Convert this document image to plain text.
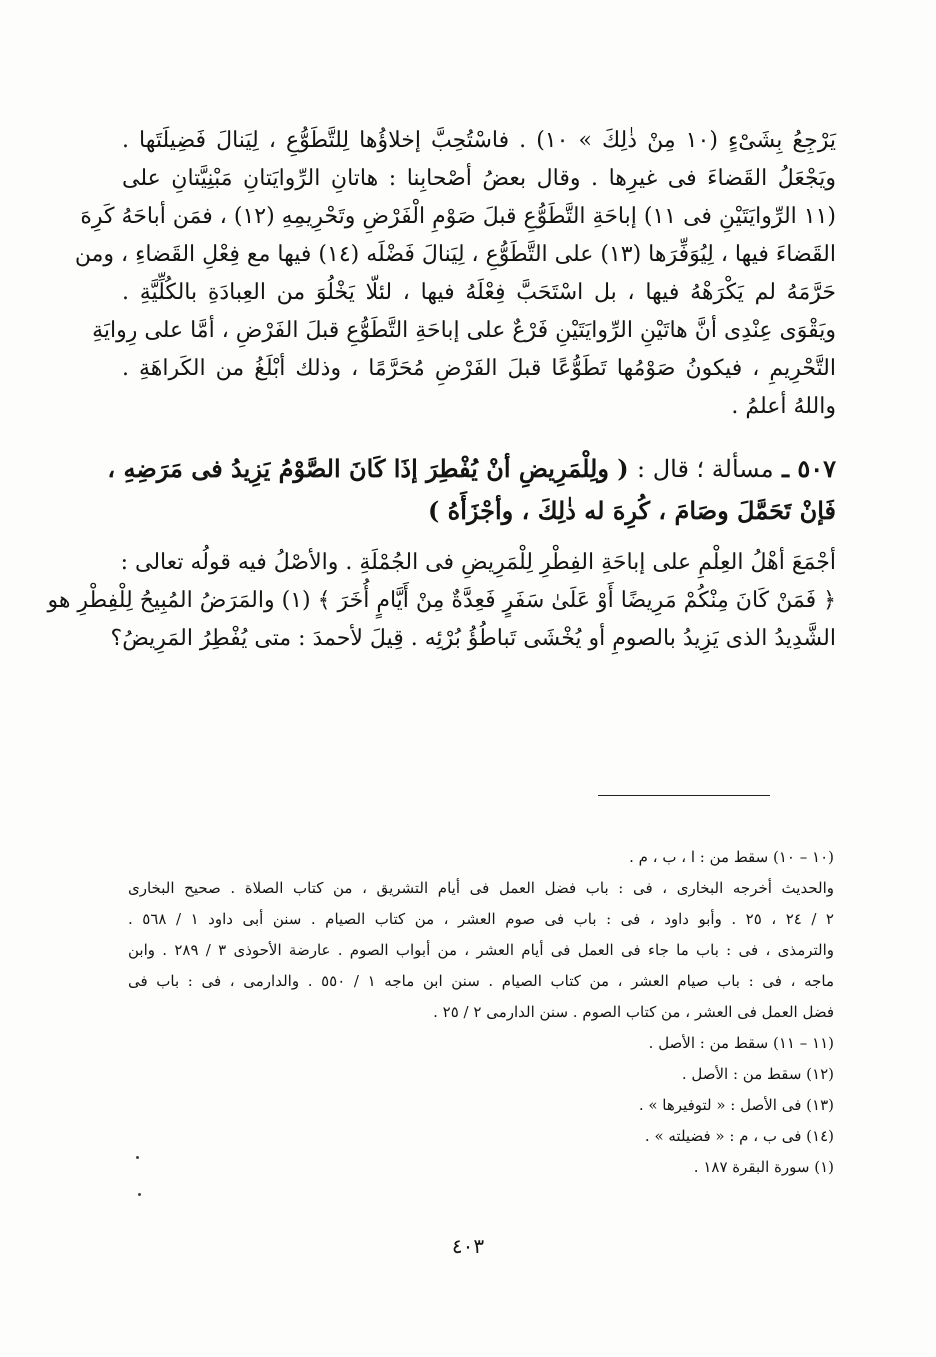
يَرْجِعُ بِشَىْءٍ (١٠ مِنْ ذٰلِكَ » ١٠) . فاسْتُحِبَّ إخلاؤُها لِلتَّطَوُّعِ ، لِيَنالَ فَضِيلَتَها .
ويَجْعَلُ القَضاءَ فى غيرِها . وقال بعضُ أصْحابِنا : هاتانِ الرِّوايَتانِ مَبْنِيَّتانِ على
(١١ الرِّوايَتَيْنِ فى ١١) إباحَةِ التَّطَوُّعِ قبلَ صَوْمِ الْفَرْضِ وتَحْرِيمِهِ (١٢) ، فمَن أباحَهُ كَرِهَ
القَضاءَ فيها ، لِيُوَفِّرَها (١٣) على التَّطَوُّعِ ، لِيَنالَ فَضْلَه (١٤) فيها مع فِعْلِ القَضاءِ ، ومن
حَرَّمَهُ لم يَكْرَهْهُ فيها ، بل اسْتَحَبَّ فِعْلَهُ فيها ، لئلّا يَخْلُوَ من العِبادَةِ بالكُلِّيَّةِ .
ويَقْوَى عِنْدِى أنَّ هاتَيْنِ الرِّوايَتَيْنِ فَرْعٌ على إباحَةِ التَّطَوُّعِ قبلَ الفَرْضِ ، أمَّا على رِوايَةِ
التَّحْرِيمِ ، فيكونُ صَوْمُها تَطَوُّعًا قبلَ الفَرْضِ مُحَرَّمًا ، وذلك أبْلَغُ من الكَراهَةِ .
واللهُ أعلمُ .
٥٠٧ ـ مسألة ؛ قال : ( ولِلْمَرِيضِ أنْ يُفْطِرَ إذَا كَانَ الصَّوْمُ يَزِيدُ فى مَرَضِهِ ،
فَإنْ تَحَمَّلَ وصَامَ ، كُرِهَ له ذٰلِكَ ، وأجْزَأَهُ )
أجْمَعَ أهْلُ العِلْمِ على إباحَةِ الفِطْرِ لِلْمَرِيضِ فى الجُمْلَةِ . والأصْلُ فيه قولُه تعالى :
﴿ فَمَنْ كَانَ مِنْكُمْ مَرِيضًا أَوْ عَلَىٰ سَفَرٍ فَعِدَّةٌ مِنْ أَيَّامٍ أُخَرَ ﴾ (١) والمَرَضُ المُبِيحُ لِلْفِطْرِ هو
الشَّدِيدُ الذى يَزِيدُ بالصومِ أو يُخْشَى تَباطُؤُ بُرْئِه . قِيلَ لأحمدَ : متى يُفْطِرُ المَرِيضُ؟
(١٠ – ١٠) سقط من : ا ، ب ، م .
والحديث أخرجه البخارى ، فى : باب فضل العمل فى أيام التشريق ، من كتاب الصلاة . صحيح البخارى
٢ / ٢٤ ، ٢٥ . وأبو داود ، فى : باب فى صوم العشر ، من كتاب الصيام . سنن أبى داود ١ / ٥٦٨ .
والترمذى ، فى : باب ما جاء فى العمل فى أيام العشر ، من أبواب الصوم . عارضة الأحوذى ٣ / ٢٨٩ . وابن
ماجه ، فى : باب صيام العشر ، من كتاب الصيام . سنن ابن ماجه ١ / ٥٥٠ . والدارمى ، فى : باب فى
فضل العمل فى العشر ، من كتاب الصوم . سنن الدارمى ٢ / ٢٥ .
(١١ – ١١) سقط من : الأصل .
(١٢) سقط من : الأصل .
(١٣) فى الأصل : « لتوفيرها » .
(١٤) فى ب ، م : « فضيلته » .
(١) سورة البقرة ١٨٧ .
٤٠٣
